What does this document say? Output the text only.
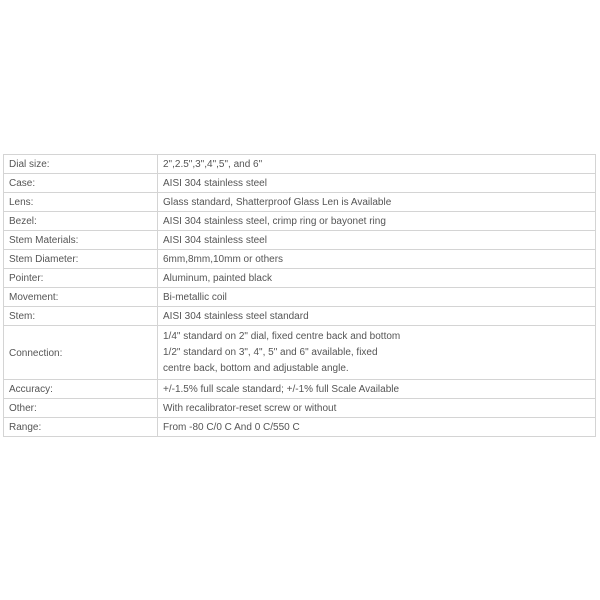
Dial size:	2",2.5",3",4",5", and 6"
Case:	AISI 304 stainless steel
Lens:	Glass standard, Shatterproof Glass Len is Available
Bezel:	AISI 304 stainless steel, crimp ring or bayonet ring
Stem Materials:	AISI 304 stainless steel
Stem Diameter:	6mm,8mm,10mm or others
Pointer:	Aluminum, painted black
Movement:	Bi-metallic coil
Stem:	AISI 304 stainless steel standard
Connection:	1/4" standard on 2" dial, fixed centre back and bottom
1/2" standard on 3", 4", 5" and 6" available, fixed
centre back, bottom and adjustable angle.

Accuracy:	+/-1.5% full scale standard; +/-1% full Scale Available
Other:	With recalibrator-reset screw or without
Range:	From -80 C/0 C And 0 C/550 C
